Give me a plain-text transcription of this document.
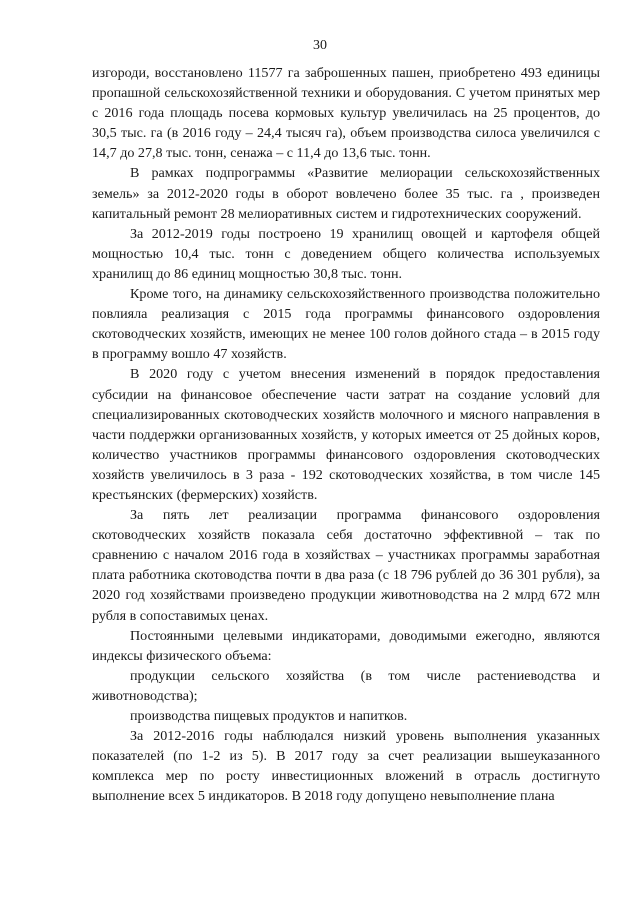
30

изгороди, восстановлено 11577 га заброшенных пашен, приобретено 493 единицы пропашной сельскохозяйственной техники и оборудования. С учетом принятых мер с 2016 года площадь посева кормовых культур увеличилась на 25 процентов, до 30,5 тыс. га (в 2016 году – 24,4 тысяч га), объем производства силоса увеличился с 14,7 до 27,8 тыс. тонн, сенажа – с 11,4 до 13,6 тыс. тонн.

В рамках подпрограммы «Развитие мелиорации сельскохозяйственных земель» за 2012-2020 годы в оборот вовлечено более 35 тыс. га , произведен капитальный ремонт 28 мелиоративных систем и гидротехнических сооружений.

За 2012-2019 годы построено 19 хранилищ овощей и картофеля общей мощностью 10,4 тыс. тонн с доведением общего количества используемых хранилищ до 86 единиц мощностью 30,8 тыс. тонн.

Кроме того, на динамику сельскохозяйственного производства положительно повлияла реализация с 2015 года программы финансового оздоровления скотоводческих хозяйств, имеющих не менее 100 голов дойного стада – в 2015 году в программу вошло 47 хозяйств.

В 2020 году с учетом внесения изменений в порядок предоставления субсидии на финансовое обеспечение части затрат на создание условий для специализированных скотоводческих хозяйств молочного и мясного направления в части поддержки организованных хозяйств, у которых имеется от 25 дойных коров, количество участников программы финансового оздоровления скотоводческих хозяйств увеличилось в 3 раза - 192 скотоводческих хозяйства, в том числе 145 крестьянских (фермерских) хозяйств.

За пять лет реализации программа финансового оздоровления скотоводческих хозяйств показала себя достаточно эффективной – так по сравнению с началом 2016 года в хозяйствах – участниках программы заработная плата работника скотоводства почти в два раза (с 18 796 рублей до 36 301 рубля), за 2020 год хозяйствами произведено продукции животноводства на 2 млрд 672 млн рубля в сопоставимых ценах.

Постоянными целевыми индикаторами, доводимыми ежегодно, являются индексы физического объема:

продукции сельского хозяйства (в том числе растениеводства и животноводства);

производства пищевых продуктов и напитков.

За 2012-2016 годы наблюдался низкий уровень выполнения указанных показателей (по 1-2 из 5). В 2017 году за счет реализации вышеуказанного комплекса мер по росту инвестиционных вложений в отрасль достигнуто выполнение всех 5 индикаторов. В 2018 году допущено невыполнение плана
